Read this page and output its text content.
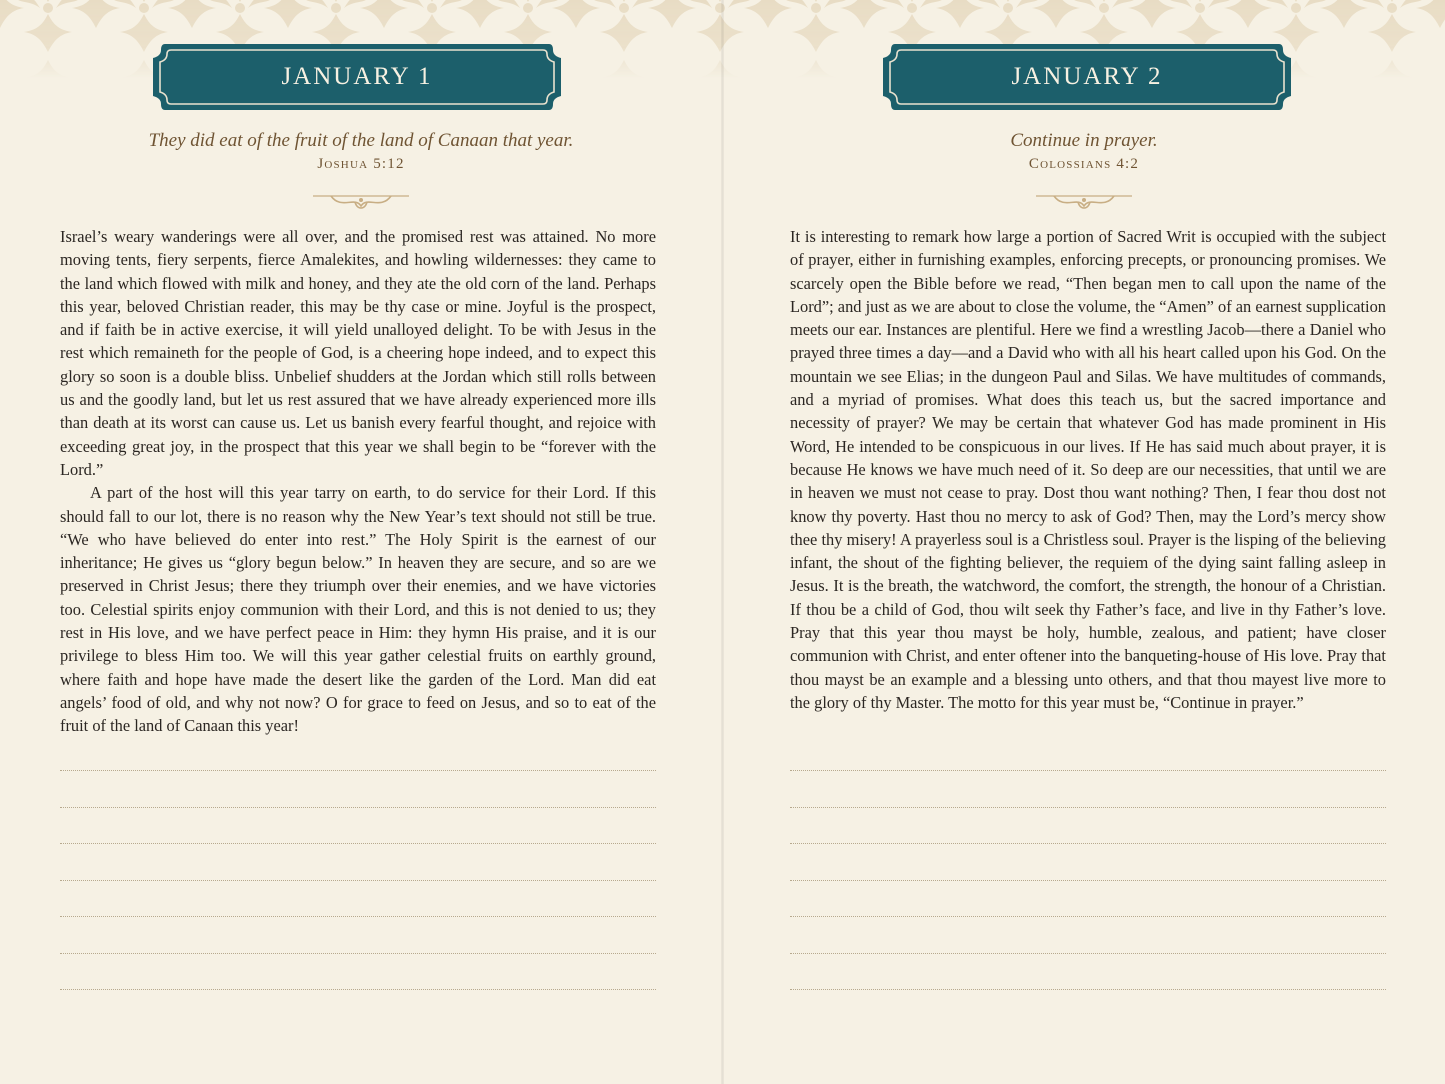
JANUARY 1
They did eat of the fruit of the land of Canaan that year.
Joshua 5:12

Israel’s weary wanderings were all over, and the promised rest was attained. No more moving tents, fiery serpents, fierce Amalekites, and howling wildernesses: they came to the land which flowed with milk and honey, and they ate the old corn of the land. Perhaps this year, beloved Christian reader, this may be thy case or mine. Joyful is the prospect, and if faith be in active exercise, it will yield unalloyed delight. To be with Jesus in the rest which remaineth for the people of God, is a cheering hope indeed, and to expect this glory so soon is a double bliss. Unbelief shudders at the Jordan which still rolls between us and the goodly land, but let us rest assured that we have already experienced more ills than death at its worst can cause us. Let us banish every fearful thought, and rejoice with exceeding great joy, in the prospect that this year we shall begin to be “forever with the Lord.”

A part of the host will this year tarry on earth, to do service for their Lord. If this should fall to our lot, there is no reason why the New Year’s text should not still be true. “We who have believed do enter into rest.” The Holy Spirit is the earnest of our inheritance; He gives us “glory begun below.” In heaven they are secure, and so are we preserved in Christ Jesus; there they triumph over their enemies, and we have victories too. Celestial spirits enjoy communion with their Lord, and this is not denied to us; they rest in His love, and we have perfect peace in Him: they hymn His praise, and it is our privilege to bless Him too. We will this year gather celestial fruits on earthly ground, where faith and hope have made the desert like the garden of the Lord. Man did eat angels’ food of old, and why not now? O for grace to feed on Jesus, and so to eat of the fruit of the land of Canaan this year!

JANUARY 2
Continue in prayer.
Colossians 4:2

It is interesting to remark how large a portion of Sacred Writ is occupied with the subject of prayer, either in furnishing examples, enforcing precepts, or pronouncing promises. We scarcely open the Bible before we read, “Then began men to call upon the name of the Lord”; and just as we are about to close the volume, the “Amen” of an earnest supplication meets our ear. Instances are plentiful. Here we find a wrestling Jacob—there a Daniel who prayed three times a day—and a David who with all his heart called upon his God. On the mountain we see Elias; in the dungeon Paul and Silas. We have multitudes of commands, and a myriad of promises. What does this teach us, but the sacred importance and necessity of prayer? We may be certain that whatever God has made prominent in His Word, He intended to be conspicuous in our lives. If He has said much about prayer, it is because He knows we have much need of it. So deep are our necessities, that until we are in heaven we must not cease to pray. Dost thou want nothing? Then, I fear thou dost not know thy poverty. Hast thou no mercy to ask of God? Then, may the Lord’s mercy show thee thy misery! A prayerless soul is a Christless soul. Prayer is the lisping of the believing infant, the shout of the fighting believer, the requiem of the dying saint falling asleep in Jesus. It is the breath, the watchword, the comfort, the strength, the honour of a Christian. If thou be a child of God, thou wilt seek thy Father’s face, and live in thy Father’s love. Pray that this year thou mayst be holy, humble, zealous, and patient; have closer communion with Christ, and enter oftener into the banqueting-house of His love. Pray that thou mayst be an example and a blessing unto others, and that thou mayest live more to the glory of thy Master. The motto for this year must be, “Continue in prayer.”
